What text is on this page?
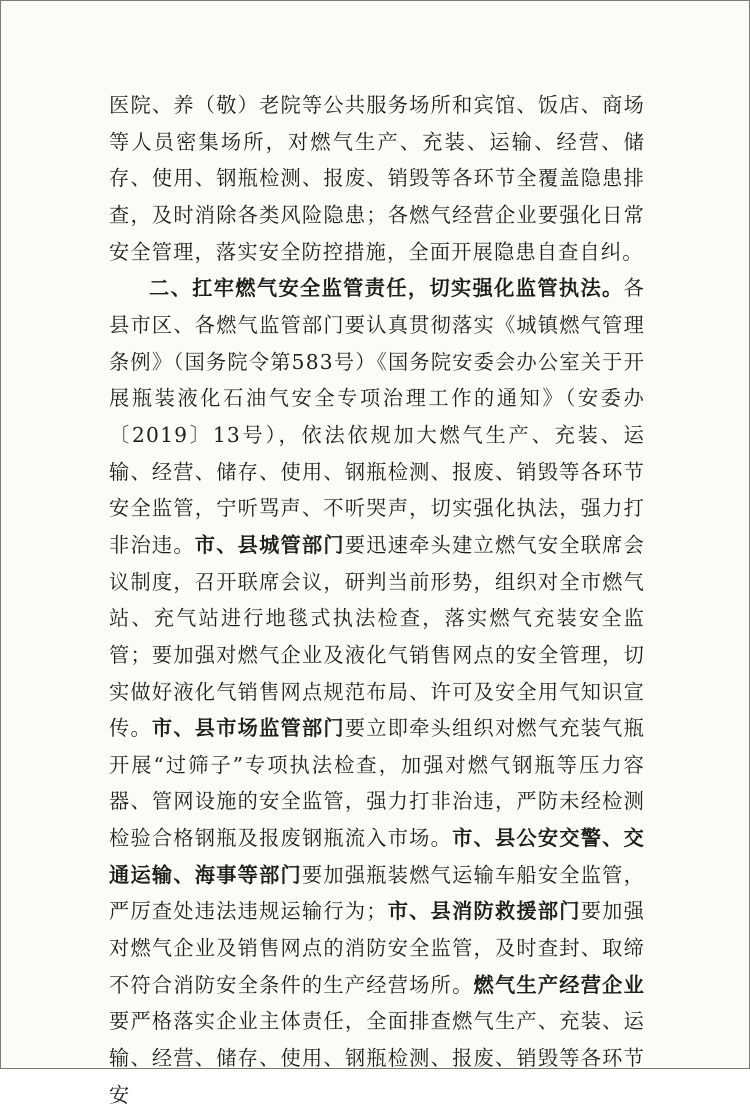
医院、养（敬）老院等公共服务场所和宾馆、饭店、商场等人员密集场所，对燃气生产、充装、运输、经营、储存、使用、钢瓶检测、报废、销毁等各环节全覆盖隐患排查，及时消除各类风险隐患；各燃气经营企业要强化日常安全管理，落实安全防控措施，全面开展隐患自查自纠。

二、扛牢燃气安全监管责任，切实强化监管执法。各县市区、各燃气监管部门要认真贯彻落实《城镇燃气管理条例》（国务院令第583号）《国务院安委会办公室关于开展瓶装液化石油气安全专项治理工作的通知》（安委办〔2019〕13号），依法依规加大燃气生产、充装、运输、经营、储存、使用、钢瓶检测、报废、销毁等各环节安全监管，宁听骂声、不听哭声，切实强化执法，强力打非治违。市、县城管部门要迅速牵头建立燃气安全联席会议制度，召开联席会议，研判当前形势，组织对全市燃气站、充气站进行地毯式执法检查，落实燃气充装安全监管；要加强对燃气企业及液化气销售网点的安全管理，切实做好液化气销售网点规范布局、许可及安全用气知识宣传。市、县市场监管部门要立即牵头组织对燃气充装气瓶开展“过筛子”专项执法检查，加强对燃气钢瓶等压力容器、管网设施的安全监管，强力打非治违，严防未经检测检验合格钢瓶及报废钢瓶流入市场。市、县公安交警、交通运输、海事等部门要加强瓶装燃气运输车船安全监管，严厉查处违法违规运输行为；市、县消防救援部门要加强对燃气企业及销售网点的消防安全监管，及时查封、取缔不符合消防安全条件的生产经营场所。燃气生产经营企业要严格落实企业主体责任，全面排查燃气生产、充装、运输、经营、储存、使用、钢瓶检测、报废、销毁等各环节安
